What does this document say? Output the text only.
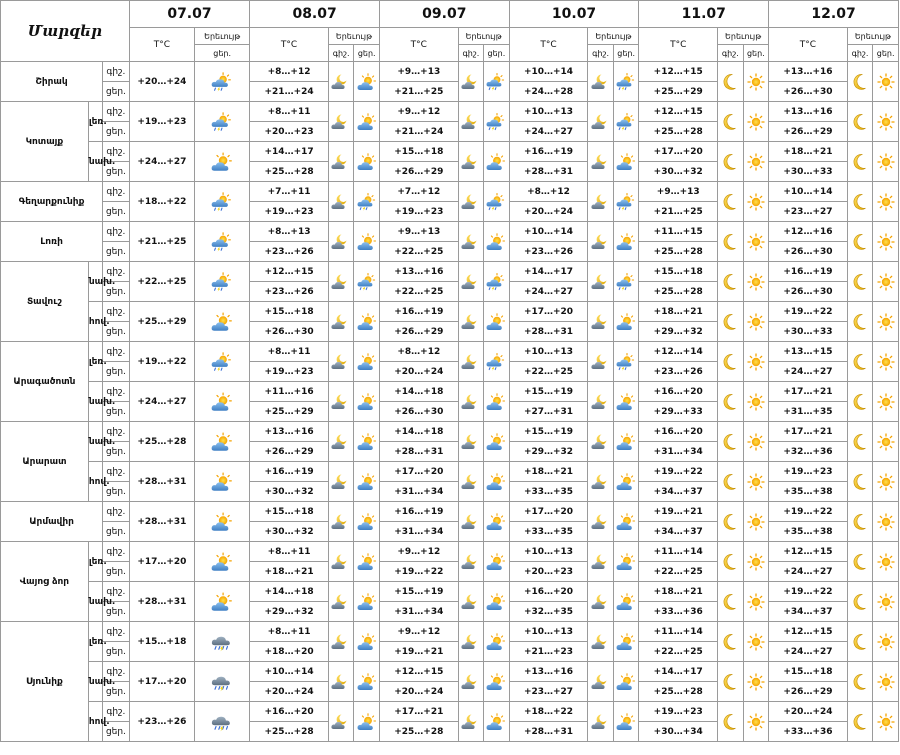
Մարզեր			07.07		08.07			09.07			10.07			11.07			12.07		
			T°C	Երեւույթ	T°C	Երեւույթ		T°C	Երեւույթ		T°C	Երեւույթ		T°C	Երեւույթ		T°C	Երեւույթ	
				ցեր.		գիշ.	ցեր.		գիշ.	ցեր.		գիշ.	ցեր.		գիշ.	ցեր.		գիշ.	ցեր.
Շիրակ		գիշ.	+20…+24		+8…+12			+9…+13			+10…+14			+12…+15			+13…+16	

		ցեր.			+21…+24			+21…+25			+24…+28			+25…+29			+26…+30		
Կոտայք	լեռ.	գիշ.	+19…+23		+8…+11			+9…+12			+10…+13			+12…+15			+13…+16	

		ցեր.			+20…+23			+21…+24			+24…+27			+25…+28			+26…+29		
	նախ.	գիշ.	+24…+27		+14…+17			+15…+18			+16…+19			+17…+20			+18…+21	

		ցեր.			+25…+28			+26…+29			+28…+31			+30…+32			+30…+33		
Գեղարքունիք		գիշ.	+18…+22		+7…+11			+7…+12			+8…+12			+9…+13			+10…+14	

		ցեր.			+19…+23			+19…+23			+20…+24			+21…+25			+23…+27		
Լոռի		գիշ.	+21…+25		+8…+13			+9…+13			+10…+14			+11…+15			+12…+16	

		ցեր.			+23…+26			+22…+25			+23…+26			+25…+28			+26…+30		
Տավուշ	նախ.	գիշ.	+22…+25		+12…+15			+13…+16			+14…+17			+15…+18			+16…+19	

		ցեր.			+23…+26			+22…+25			+24…+27			+25…+28			+26…+30		
	հով.	գիշ.	+25…+29		+15…+18			+16…+19			+17…+20			+18…+21			+19…+22	

		ցեր.			+26…+30			+26…+29			+28…+31			+29…+32			+30…+33		
Արագածոտն	լեռ.	գիշ.	+19…+22		+8…+11			+8…+12			+10…+13			+12…+14			+13…+15	

		ցեր.			+19…+23			+20…+24			+22…+25			+23…+26			+24…+27		
	նախ.	գիշ.	+24…+27		+11…+16			+14…+18			+15…+19			+16…+20			+17…+21	

		ցեր.			+25…+29			+26…+30			+27…+31			+29…+33			+31…+35		
Արարատ	նախ.	գիշ.	+25…+28		+13…+16			+14…+18			+15…+19			+16…+20			+17…+21	

		ցեր.			+26…+29			+28…+31			+29…+32			+31…+34			+32…+36		
	հով.	գիշ.	+28…+31		+16…+19			+17…+20			+18…+21			+19…+22			+19…+23	

		ցեր.			+30…+32			+31…+34			+33…+35			+34…+37			+35…+38		
Արմավիր		գիշ.	+28…+31		+15…+18			+16…+19			+17…+20			+19…+21			+19…+22	

		ցեր.			+30…+32			+31…+34			+33…+35			+34…+37			+35…+38		
Վայոց ձոր	լեռ.	գիշ.	+17…+20		+8…+11			+9…+12			+10…+13			+11…+14			+12…+15	

		ցեր.			+18…+21			+19…+22			+20…+23			+22…+25			+24…+27		
	նախ.	գիշ.	+28…+31		+14…+18			+15…+19			+16…+20			+18…+21			+19…+22	

		ցեր.			+29…+32			+31…+34			+32…+35			+33…+36			+34…+37		
Սյունիք	լեռ.	գիշ.	+15…+18		+8…+11			+9…+12			+10…+13			+11…+14			+12…+15	

		ցեր.			+18…+20			+19…+21			+21…+23			+22…+25			+24…+27		
	նախ.	գիշ.	+17…+20		+10…+14			+12…+15			+13…+16			+14…+17			+15…+18	

		ցեր.			+20…+24			+20…+24			+23…+27			+25…+28			+26…+29		
	հով.	գիշ.	+23…+26		+16…+20			+17…+21			+18…+22			+19…+23			+20…+24	

		ցեր.			+25…+28			+25…+28			+28…+31			+30…+34			+33…+36		
